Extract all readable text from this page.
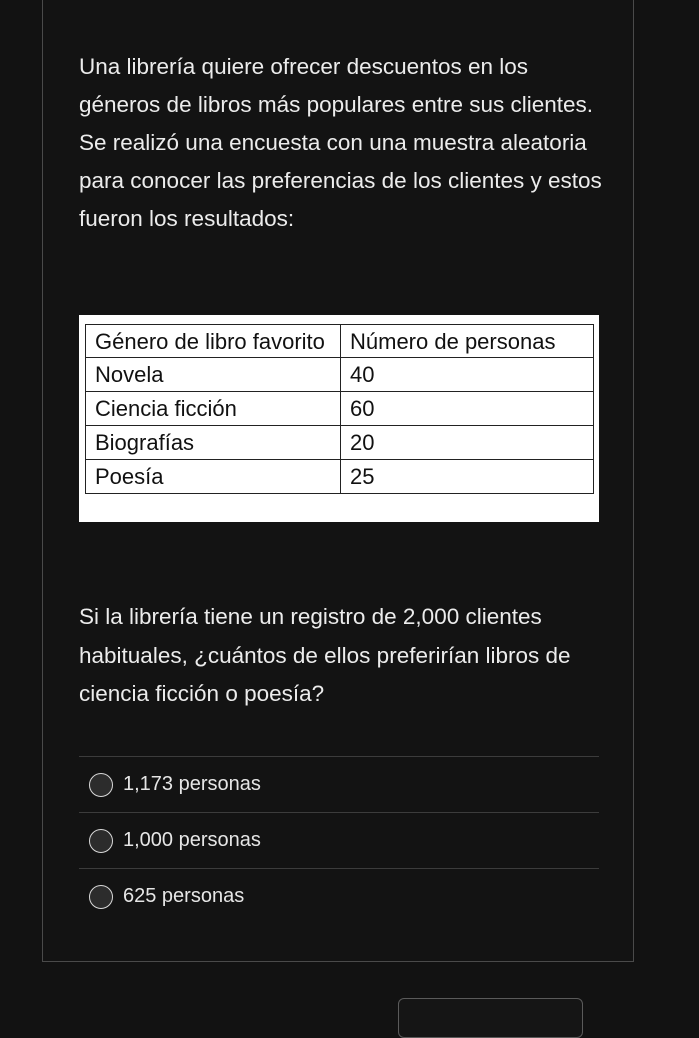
Una librería quiere ofrecer descuentos en los géneros de libros más populares entre sus clientes. Se realizó una encuesta con una muestra aleatoria para conocer las preferencias de los clientes y estos fueron los resultados:

Género de libro favorito	Número de personas
Novela	40
Ciencia ficción	60
Biografías	20
Poesía	25

Si la librería tiene un registro de 2,000 clientes habituales, ¿cuántos de ellos preferirían libros de ciencia ficción o poesía?

1,173 personas
1,000 personas
625 personas
